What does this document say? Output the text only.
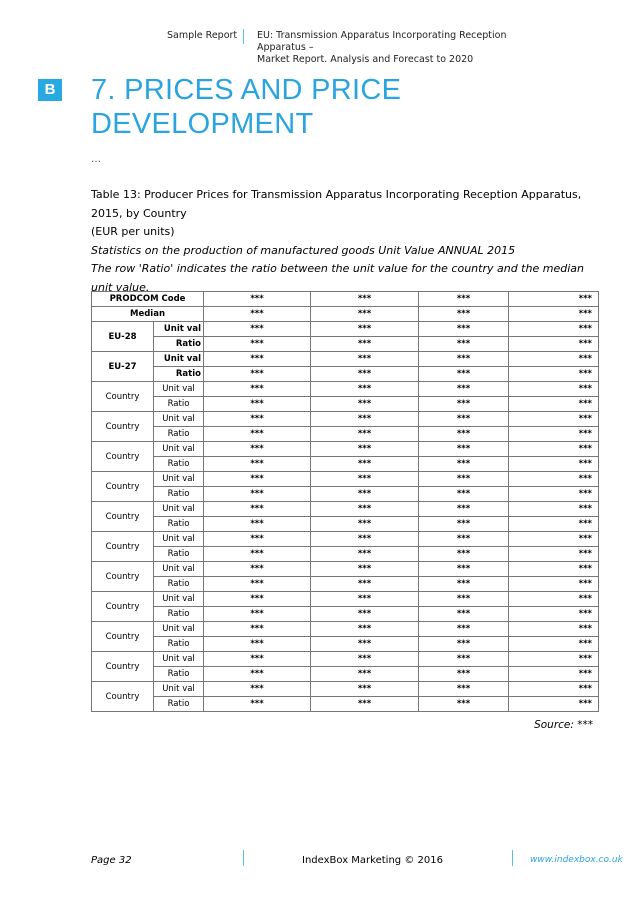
Sample Report EU: Transmission Apparatus Incorporating Reception Apparatus –
Market Report. Analysis and Forecast to 2020
B 7. PRICES AND PRICE
DEVELOPMENT
…
Table 13: Producer Prices for Transmission Apparatus Incorporating Reception Apparatus,
2015, by Country
(EUR per units)
Statistics on the production of manufactured goods Unit Value ANNUAL 2015
The row 'Ratio' indicates the ratio between the unit value for the country and the median
unit value.
PRODCOM Code		***	***	***	***
Median		***	***	***	***
EU-28	Unit val	***	***	***	***
	Ratio	***	***	***	***
EU-27	Unit val	***	***	***	***
	Ratio	***	***	***	***
Country	Unit val	***	***	***	***
	Ratio	***	***	***	***
Country	Unit val	***	***	***	***
	Ratio	***	***	***	***
Country	Unit val	***	***	***	***
	Ratio	***	***	***	***
Country	Unit val	***	***	***	***
	Ratio	***	***	***	***
Country	Unit val	***	***	***	***
	Ratio	***	***	***	***
Country	Unit val	***	***	***	***
	Ratio	***	***	***	***
Country	Unit val	***	***	***	***
	Ratio	***	***	***	***
Country	Unit val	***	***	***	***
	Ratio	***	***	***	***
Country	Unit val	***	***	***	***
	Ratio	***	***	***	***
Country	Unit val	***	***	***	***
	Ratio	***	***	***	***
Country	Unit val	***	***	***	***
	Ratio	***	***	***	***
Source: ***
Page 32	IndexBox Marketing © 2016	www.indexbox.co.uk
